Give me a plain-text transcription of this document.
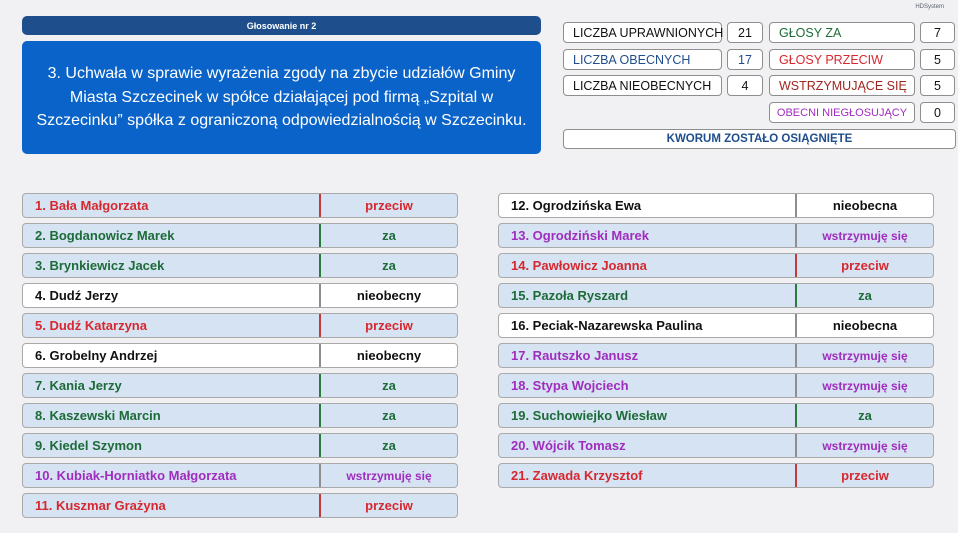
HDSystem
Głosowanie nr 2
3. Uchwała w sprawie wyrażenia zgody na zbycie udziałów Gminy Miasta Szczecinek w spółce działającej pod firmą „Szpital w Szczecinku” spółka z ograniczoną odpowiedzialnością w Szczecinku.
LICZBA UPRAWNIONYCH	21
LICZBA OBECNYCH	17
LICZBA NIEOBECNYCH	4
GŁOSY ZA	7
GŁOSY PRZECIW	5
WSTRZYMUJĄCE SIĘ	5
OBECNI NIEGŁOSUJĄCY	0
KWORUM ZOSTAŁO OSIĄGNIĘTE
1. Bała Małgorzata	przeciw
2. Bogdanowicz Marek	za
3. Brynkiewicz Jacek	za
4. Dudź Jerzy	nieobecny
5. Dudź Katarzyna	przeciw
6. Grobelny Andrzej	nieobecny
7. Kania Jerzy	za
8. Kaszewski Marcin	za
9. Kiedel Szymon	za
10. Kubiak-Horniatko Małgorzata	wstrzymuję się
11. Kuszmar Grażyna	przeciw
12. Ogrodzińska Ewa	nieobecna
13. Ogrodziński Marek	wstrzymuję się
14. Pawłowicz Joanna	przeciw
15. Pazoła Ryszard	za
16. Peciak-Nazarewska Paulina	nieobecna
17. Rautszko Janusz	wstrzymuję się
18. Stypa Wojciech	wstrzymuję się
19. Suchowiejko Wiesław	za
20. Wójcik Tomasz	wstrzymuję się
21. Zawada Krzysztof	przeciw
